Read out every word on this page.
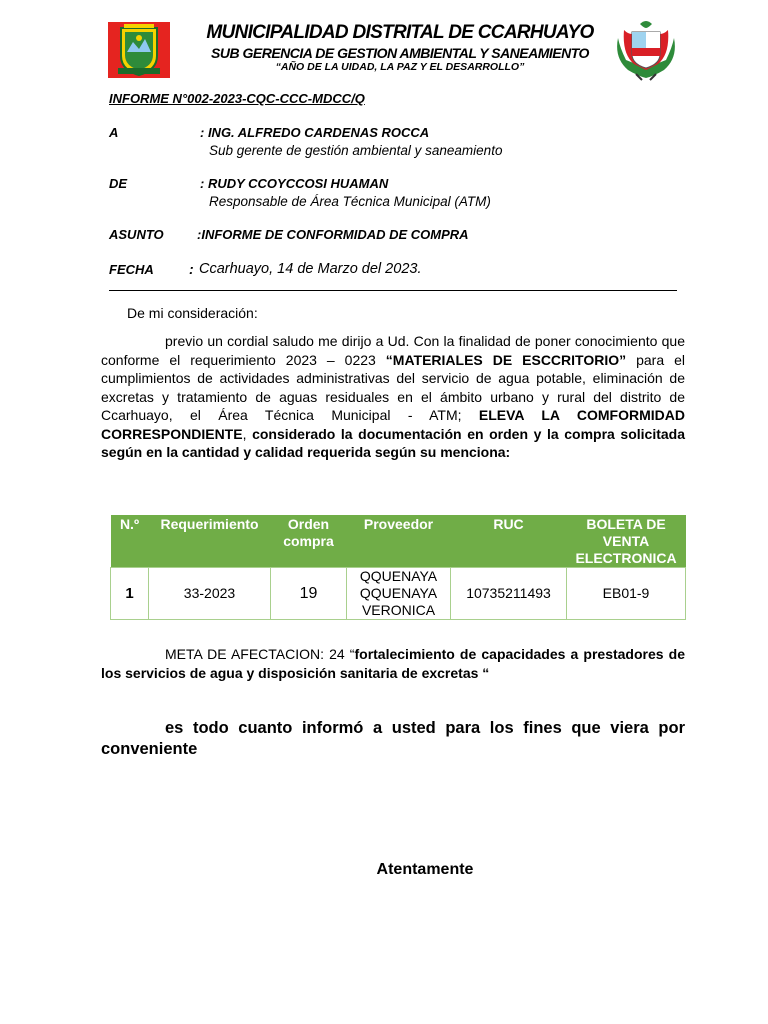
MUNICIPALIDAD DISTRITAL DE CCARHUAYO
SUB GERENCIA DE GESTION AMBIENTAL Y SANEAMIENTO
“AÑO DE LA UIDAD, LA PAZ Y EL DESARROLLO”
INFORME N°002-2023-CQC-CCC-MDCC/Q
A	: ING. ALFREDO CARDENAS ROCCA
Sub gerente de gestión ambiental y saneamiento
DE	: RUDY CCOYCCOSI HUAMAN
Responsable de Área Técnica Municipal (ATM)
ASUNTO	:INFORME DE CONFORMIDAD DE COMPRA
FECHA	: Ccarhuayo, 14 de Marzo del 2023.
De mi consideración:
previo un cordial saludo me dirijo a Ud. Con la finalidad de poner conocimiento que conforme el requerimiento 2023 – 0223 “MATERIALES DE ESCCRITORIO” para el cumplimientos de actividades administrativas del servicio de agua potable, eliminación de excretas y tratamiento de aguas residuales en el ámbito urbano y rural del distrito de Ccarhuayo, el Área Técnica Municipal - ATM; ELEVA LA COMFORMIDAD CORRESPONDIENTE, considerado la documentación en orden y la compra solicitada según en la cantidad y calidad requerida según su menciona:
N.º	Requerimiento	Orden compra	Proveedor	RUC	BOLETA DE VENTA ELECTRONICA
1	33-2023	19	QQUENAYA QQUENAYA VERONICA	10735211493	EB01-9
META DE AFECTACION: 24 “fortalecimiento de capacidades a prestadores de los servicios de agua y disposición sanitaria de excretas “
es todo cuanto informó a usted para los fines que viera por conveniente
Atentamente
